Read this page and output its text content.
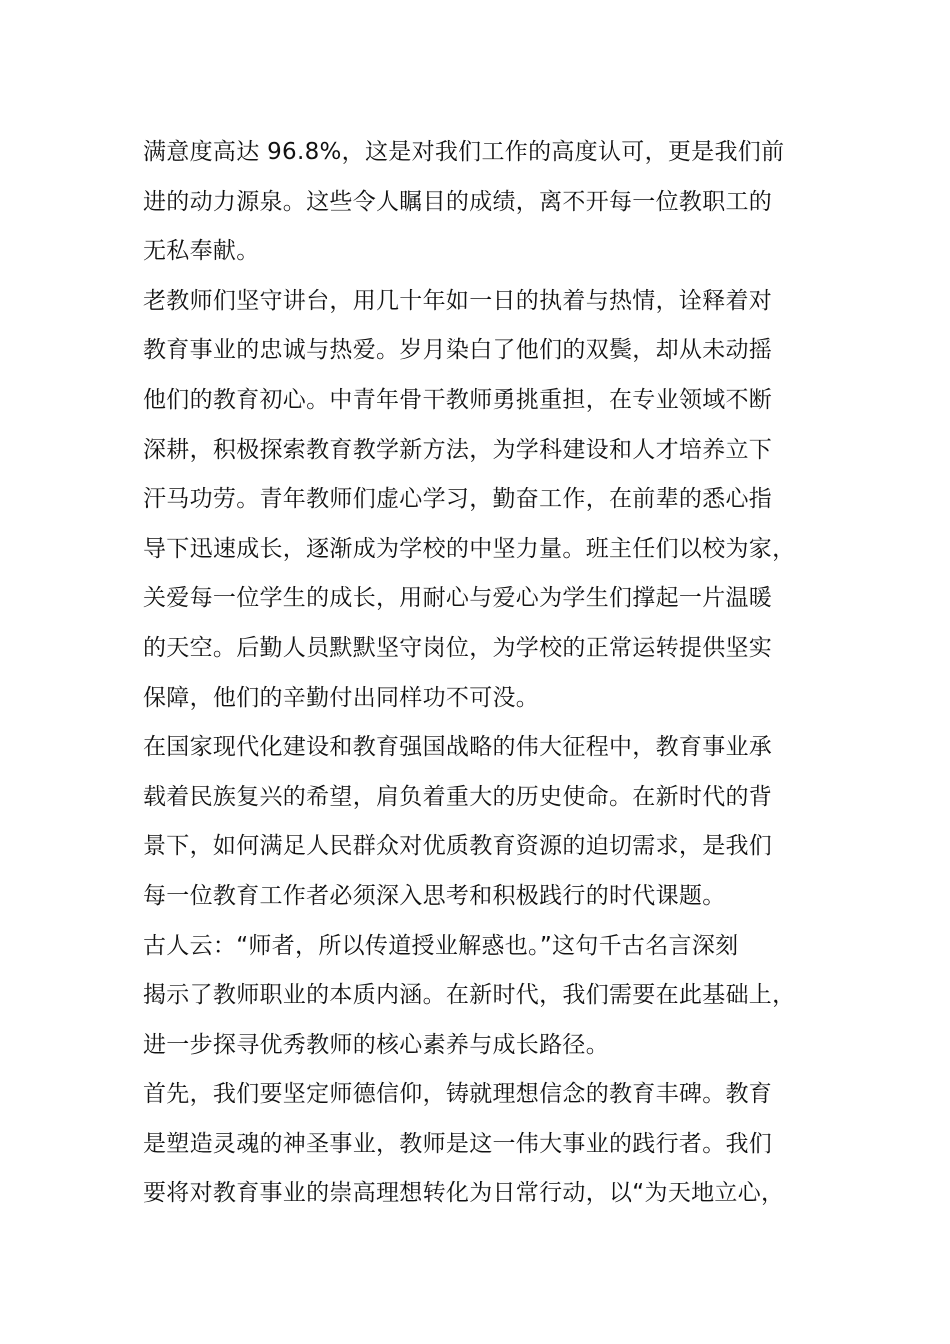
满意度高达 96.8%，这是对我们工作的高度认可，更是我们前

进的动力源泉。这些令人瞩目的成绩，离不开每一位教职工的

无私奉献。

老教师们坚守讲台，用几十年如一日的执着与热情，诠释着对

教育事业的忠诚与热爱。岁月染白了他们的双鬓，却从未动摇

他们的教育初心。中青年骨干教师勇挑重担，在专业领域不断

深耕，积极探索教育教学新方法，为学科建设和人才培养立下

汗马功劳。青年教师们虚心学习，勤奋工作，在前辈的悉心指

导下迅速成长，逐渐成为学校的中坚力量。班主任们以校为家，

关爱每一位学生的成长，用耐心与爱心为学生们撑起一片温暖

的天空。后勤人员默默坚守岗位，为学校的正常运转提供坚实

保障，他们的辛勤付出同样功不可没。

在国家现代化建设和教育强国战略的伟大征程中，教育事业承

载着民族复兴的希望，肩负着重大的历史使命。在新时代的背

景下，如何满足人民群众对优质教育资源的迫切需求，是我们

每一位教育工作者必须深入思考和积极践行的时代课题。

古人云：“师者，所以传道授业解惑也。”这句千古名言深刻

揭示了教师职业的本质内涵。在新时代，我们需要在此基础上，

进一步探寻优秀教师的核心素养与成长路径。

首先，我们要坚定师德信仰，铸就理想信念的教育丰碑。教育

是塑造灵魂的神圣事业，教师是这一伟大事业的践行者。我们

要将对教育事业的崇高理想转化为日常行动，以“为天地立心，
